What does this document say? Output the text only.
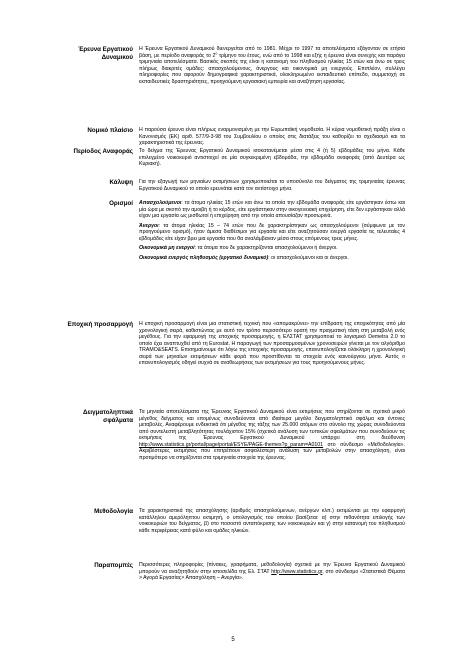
Έρευνα Εργατικού Δυναμικού
Η Έρευνα Εργατικού Δυναμικού διενεργείται από το 1981. Μέχρι το 1997 τα αποτελέσματα εξάγονταν σε ετήσια βάση, με περίοδο αναφοράς το $2^o$ τρίμηνο του έτους, ενώ από το 1998 και εξής η έρευνα είναι συνεχής και παράγει τριμηνιαία αποτελέσματα. Βασικός σκοπός της είναι η κατανομή του πληθυσμού ηλικίας 15 ετών και άνω σε τρεις πλήρως διακριτές ομάδες: απασχολούμενους, άνεργους και οικονομικά μη ενεργούς. Επιπλέον, συλλέγει πληροφορίες που αφορούν δημογραφικά χαρακτηριστικά, ολοκληρωμένο εκπαιδευτικό επίπεδο, συμμετοχή σε εκπαιδευτικές δραστηριότητες, προηγούμενη εργασιακή εμπειρία και αναζήτηση εργασίας.
Νομικό πλαίσιο Η παρούσα έρευνα είναι πλήρως εναρμονισμένη με την Ευρωπαϊκή νομοθεσία. Η κύρια νομοθετική πράξη είναι ο Κανονισμός (ΕΚ) αριθ. 577/9-3-98 του Συμβουλίου ο οποίος στις διατάξεις του καθορίζει το σχεδιασμό και τα χαρακτηριστικά της έρευνας.
Περίοδος Αναφοράς Το δείγμα της Έρευνας Εργατικού Δυναμικού ισοκατανέμεται μέσα στις 4 (ή 5) εβδομάδες του μήνα. Κάθε επιλεγμένο νοικοκυριό αντιστοιχεί σε μία συγκεκριμένη εβδομάδα, την εβδομάδα αναφοράς (από Δευτέρα ως Κυριακή).
Κάλυψη Για την εξαγωγή των μηνιαίων εκτιμήσεων χρησιμοποιείται το υποσύνολο του δείγματος της τριμηνιαίας έρευνας Εργατικού Δυναμικού το οποίο ερευνάται κατά τον αντίστοιχο μήνα.
Ορισμοί Απασχολούμενοι: τα άτομα ηλικίας 15 ετών και άνω τα οποία την εβδομάδα αναφοράς είτε εργάστηκαν έστω και μία ώρα με σκοπό την αμοιβή ή το κέρδος, είτε εργάστηκαν στην οικογενειακή επιχείρηση, είτε δεν εργάστηκαν αλλά είχαν μια εργασία ως μισθωτοί ή επιχείρηση από την οποία απουσίαζαν προσωρινά.

Άνεργοι: τα άτομα ηλικίας 15 – 74 ετών που δε χαρακτηρίστηκαν ως απασχολούμενοι (σύμφωνα με τον προηγούμενο ορισμό), ήταν άμεσα διαθέσιμοι για εργασία και είτε αναζητούσαν ενεργά εργασία τις τελευταίες 4 εβδομάδες είτε είχαν βρει μια εργασία που θα αναλάμβαναν μέσα στους επόμενους τρεις μήνες.

Οικονομικά μη ενεργοί: τα άτομα που δε χαρακτηρίζονται απασχολούμενοι ή άνεργοι.

Οικονομικά ενεργός πληθυσμός (εργατικό δυναμικό): οι απασχολούμενοι και οι άνεργοι.

Εποχική προσαρμογή Η εποχική προσαρμογή είναι μια στατιστική τεχνική που «απομακρύνει» την επίδραση της εποχικότητας από μία χρονολογική σειρά, καθιστώντας με αυτό τον τρόπο περισσότερο ορατή την πραγματική τάση στη μεταβολή ενός μεγέθους. Για την εφαρμογή της εποχικής προσαρμογής, η ΕΛΣΤΑΤ χρησιμοποιεί το λογισμικό Demetra 2.0 το οποίο έχει αναπτυχθεί από τη Eurostat. Η παραγωγή των προσαρμοσμένων χρονοσειρών γίνεται με τον αλγόριθμο TRAMO&SEATS. Επισημαίνουμε ότι λόγω της εποχικής προσαρμογής, επανυπολογίζεται ολόκληρη η χρονολογική σειρά των μηνιαίων εκτιμήσεων κάθε φορά που προστίθενται τα στοιχεία ενός καινούργιου μήνα. Αυτός ο επανυπολογισμός οδηγεί συχνά σε αναθεωρήσεις των εκτιμήσεων για τους προηγούμενους μήνες.
Δειγματοληπτικά σφάλματα
Τα μηνιαία αποτελέσματα της Έρευνας Εργατικού Δυναμικού είναι εκτιμήσεις που στηρίζονται σε σχετικά μικρό μέγεθος δείγματος και επομένως συνοδεύονται από ιδιαίτερα μεγάλο δειγματοληπτικό σφάλμα και έντονες μεταβολές. Αναφέρουμε ενδεικτικά ότι μέγεθος της τάξης των 25.000 ατόμων στο σύνολο της χώρας συνοδεύονται από συντελεστή μεταβλητότητας τουλάχιστον 15% (σχετικά ανάλυση των τυπικών σφαλμάτων που συνοδεύουν τις εκτιμήσεις της Έρευνας Εργατικού Δυναμικού υπάρχει στη διεύθυνση http://www.statistics.gr/portal/page/portal/ESYE/PAGE-themes?p_param=A0101 στο σύνδεσμο «Μεθοδολογία». Ακριβέστερες εκτιμήσεις που επιτρέπουν ασφαλέστερη ανάλυση των μεταβολών στην απασχόληση, είναι προτιμότερο να στηρίζονται στα τριμηνιαία στοιχεία της έρευνας.
Μεθοδολογία Τα χαρακτηριστικά της απασχόλησης (αριθμός απασχολούμενων, ανέργων κλπ.) εκτιμώνται με την εφαρμογή κατάλληλου αμερόληπτου εκτιμητή, ο υπολογισμός του οποίου βασίζεται: α) στην πιθανότητα επιλογής των νοικοκυριών του δείγματος, β) στο ποσοστό ανταπόκρισης των νοικοκυριών και γ) στην κατανομή του πληθυσμού κάθε περιφέρειας κατά φύλο και ομάδες ηλικιών.
Παραπομπές Περισσότερες πληροφορίες (πίνακες, γραφήματα, μεθοδολογία) σχετικά με την Έρευνα Εργατικού Δυναμικού μπορούν να αναζητηθούν στην ιστοσελίδα της Ελ. ΣΤΑΤ http://www.statistics.gr, στο σύνδεσμο «Στατιστικά Θέματα > Αγορά Εργασίας> Απασχόληση – Ανεργία».
5
